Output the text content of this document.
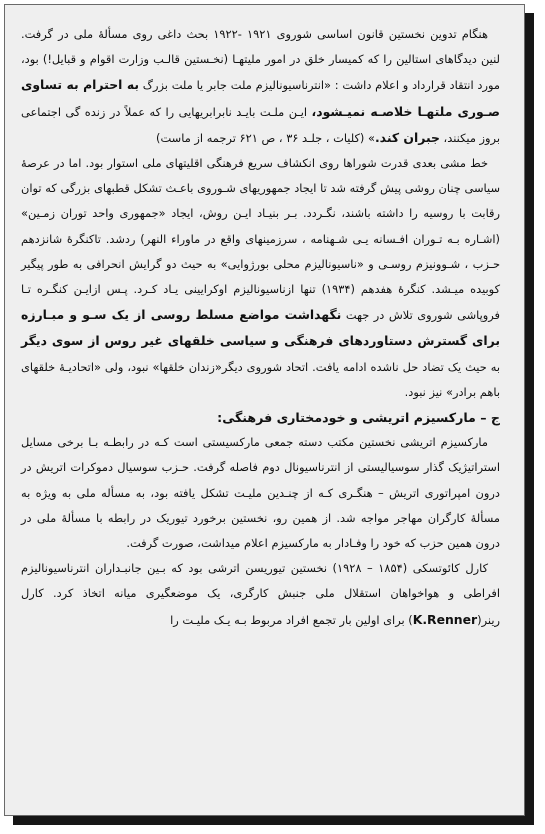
هنگام تدوین نخستین قانون اساسی شوروی ۱۹۲۱ -۱۹۲۲ بحث داغی روی مسألهٔ ملی در گرفت. لنین دیدگاهای استالین را که کمیسار خلق در امور ملیتهـا (نخـستین قالـب وزارت اقوام و قبایل!) بود، مورد انتقاد قرارداد و اعلام داشت : «انترناسیونالیزم ملت جابر یا ملت بزرگ به احترام به تساوی صـوری ملتهـا خلاصـه نمیـشود، ایـن ملـت بایـد نابرابریهایی را که عملاً در زنده گی اجتماعی بروز میکنند، جبران کند.» (کلیات ، جلـد ۳۶ ، ص ۶۲۱ ترجمه از ماست)

خط مشی بعدی قدرت شوراها روی انکشاف سریع فرهنگی اقلیتهای ملی استوار بود. اما در عرصهٔ سیاسی چنان روشی پیش گرفته شد تا ایجاد جمهوریهای شـوروی باعـث تشکل قطبهای بزرگی که توان رقابت با روسیه را داشته باشند، نگـردد. بـر بنیـاد ایـن روش، ایجاد «جمهوری واحد توران زمـین» (اشـاره بـه تـوران افـسانه یـی شـهنامه ، سرزمینهای واقع در ماوراء النهر) ردشد. تاکنگرهٔ شانزدهم حـزب ، شـوونیزم روسـی و «ناسیونالیزم محلی بورژوایی» به حیث دو گرایش انحرافی به طور پیگیر کوبیده میـشد. کنگرهٔ هفدهم (۱۹۳۴) تنها ازناسیونالیزم اوکرایینی یـاد کـرد. پـس ازایـن کنگـره تـا فروپاشی شوروی تلاش در جهت نگهداشت مواضع مسلط روسی از یک سـو و مبـارزه برای گسترش دستاوردهای فرهنگی و سیاسی خلقهای غیر روس از سوی دیگر به حیث یک تضاد حل ناشده ادامه یافت. اتحاد شوروی دیگر«زندان خلقها» نبود، ولی «اتحادیـهٔ خلقهای باهم برادر» نیز نبود.

ج – مارکسیزم اتریشی و خودمختاری فرهنگی:

مارکسیزم اتریشی نخستین مکتب دسته جمعی مارکسیستی است کـه در رابطـه بـا برخی مسایل استراتیژیک گذار سوسیالیستی از انترناسیونال دوم فاصله گرفت. حـزب سوسیال دموکرات اتریش در درون امپراتوری اتریش – هنگـری کـه از چنـدین ملیـت تشکل یافته بود، به مسأله ملی به ویژه به مسألهٔ کارگران مهاجر مواجه شد. از همین رو، نخستین برخورد تیوریک در رابطه با مسألهٔ ملی در درون همین حزب که خود را وفـادار به مارکسیزم اعلام میداشت، صورت گرفت.

کارل کائوتسکی (۱۸۵۴ – ۱۹۲۸) نخستین تیوریسن اترشی بود که بـین جانبـداران انترناسیونالیزم افراطی و هواخواهان استقلال ملی جنبش کارگری، یک موضعگیری میانه اتخاذ کرد. کارل رینر(K.Renner) برای اولین بار تجمع افراد مربوط بـه یـک ملیـت را
